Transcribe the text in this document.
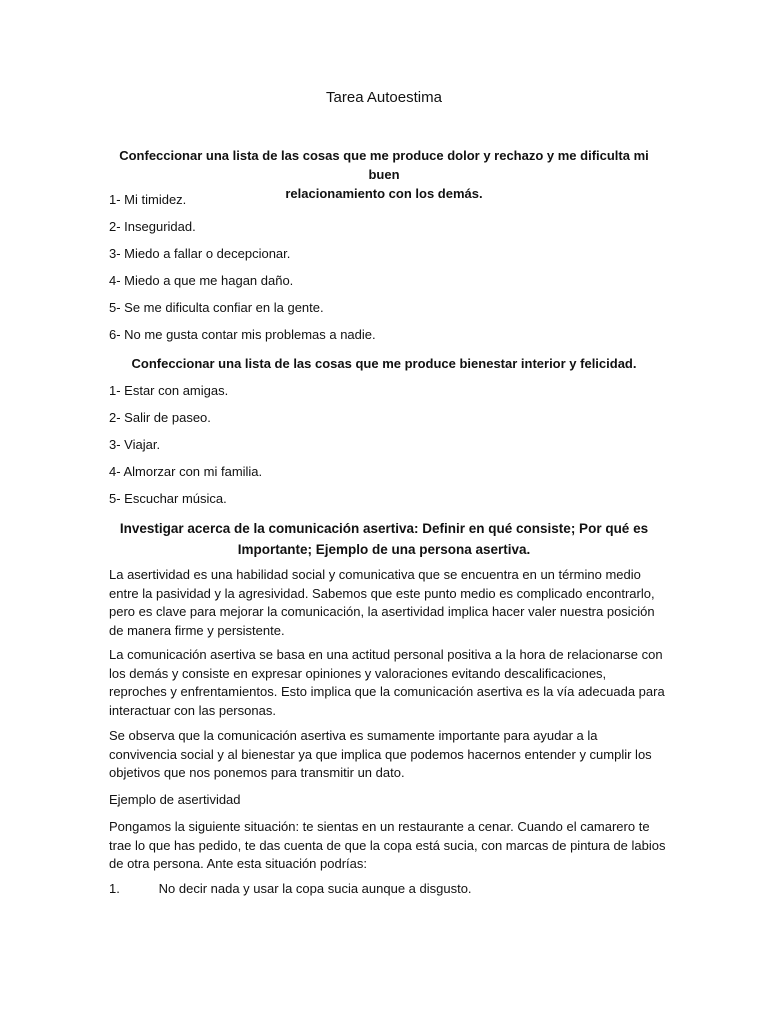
Tarea Autoestima
Confeccionar una lista de las cosas que me produce dolor y rechazo y me dificulta mi buen
relacionamiento con los demás.
1- Mi timidez.
2- Inseguridad.
3- Miedo a fallar o decepcionar.
4- Miedo a que me hagan daño.
5- Se me dificulta confiar en la gente.
6- No me gusta contar mis problemas a nadie.
Confeccionar una lista de las cosas que me produce bienestar interior y felicidad.
1- Estar con amigas.
2- Salir de paseo.
3- Viajar.
4- Almorzar con mi familia.
5- Escuchar música.
Investigar acerca de la comunicación asertiva: Definir en qué consiste; Por qué es
Importante; Ejemplo de una persona asertiva.
La asertividad es una habilidad social y comunicativa que se encuentra en un término medio
entre la pasividad y la agresividad. Sabemos que este punto medio es complicado encontrarlo,
pero es clave para mejorar la comunicación, la asertividad implica hacer valer nuestra posición
de manera firme y persistente.
La comunicación asertiva se basa en una actitud personal positiva a la hora de relacionarse con
los demás y consiste en expresar opiniones y valoraciones evitando descalificaciones,
reproches y enfrentamientos. Esto implica que la comunicación asertiva es la vía adecuada para
interactuar con las personas.
Se observa que la comunicación asertiva es sumamente importante para ayudar a la
convivencia social y al bienestar ya que implica que podemos hacernos entender y cumplir los
objetivos que nos ponemos para transmitir un dato.
Ejemplo de asertividad
Pongamos la siguiente situación: te sientas en un restaurante a cenar. Cuando el camarero te
trae lo que has pedido, te das cuenta de que la copa está sucia, con marcas de pintura de labios
de otra persona. Ante esta situación podrías:
1.	No decir nada y usar la copa sucia aunque a disgusto.
